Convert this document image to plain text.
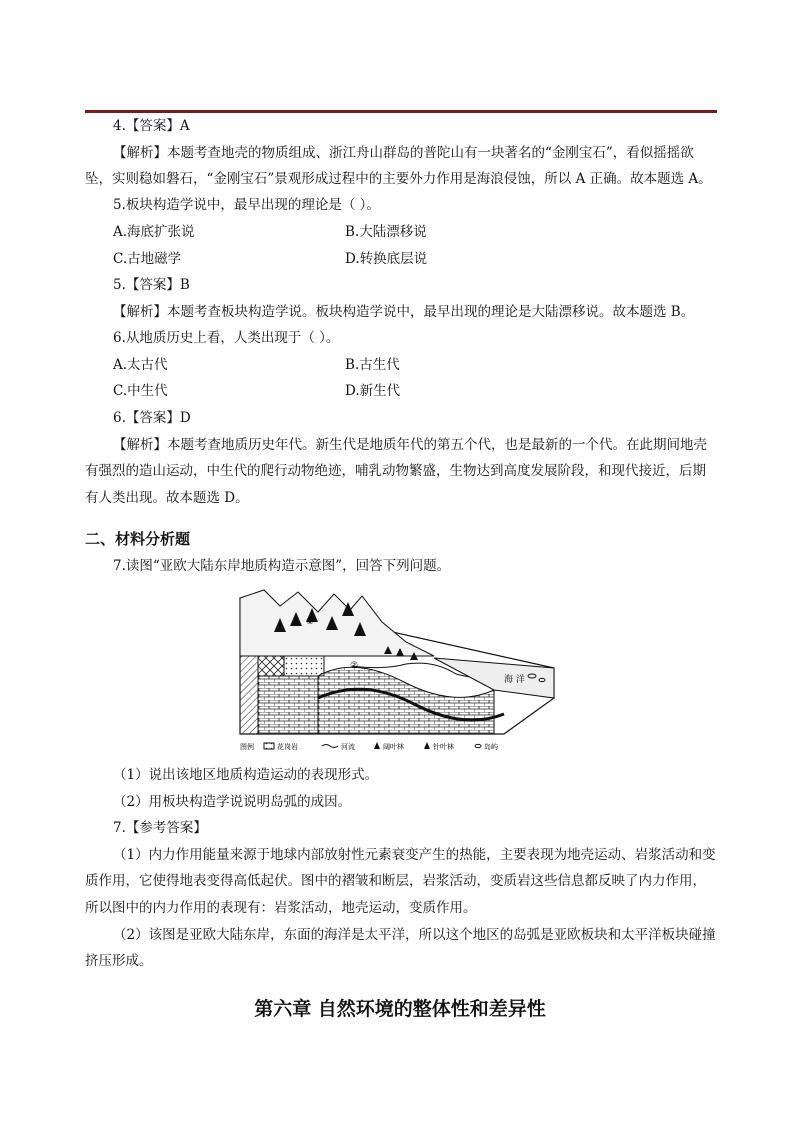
4.【答案】A
【解析】本题考查地壳的物质组成、浙江舟山群岛的普陀山有一块著名的“金刚宝石”，看似摇摇欲
坠，实则稳如磐石，“金刚宝石”景观形成过程中的主要外力作用是海浪侵蚀，所以 A 正确。故本题选 A。
5.板块构造学说中，最早出现的理论是（ ）。
A.海底扩张说	B.大陆漂移说
C.古地磁学	D.转换底层说
5.【答案】B
【解析】本题考查板块构造学说。板块构造学说中，最早出现的理论是大陆漂移说。故本题选 B。
6.从地质历史上看，人类出现于（ ）。
A.太古代	B.古生代
C.中生代	D.新生代
6.【答案】D
【解析】本题考查地质历史年代。新生代是地质年代的第五个代，也是最新的一个代。在此期间地壳
有强烈的造山运动，中生代的爬行动物绝迹，哺乳动物繁盛，生物达到高度发展阶段，和现代接近，后期
有人类出现。故本题选 D。
二、材料分析题
7.读图“亚欧大陆东岸地质构造示意图”，回答下列问题。
海 洋
①
②
图例	花岗岩	河流	阔叶林	针叶林	岛屿
（1）说出该地区地质构造运动的表现形式。
（2）用板块构造学说说明岛弧的成因。
7.【参考答案】
（1）内力作用能量来源于地球内部放射性元素衰变产生的热能，主要表现为地壳运动、岩浆活动和变
质作用，它使得地表变得高低起伏。图中的褶皱和断层，岩浆活动，变质岩这些信息都反映了内力作用，
所以图中的内力作用的表现有：岩浆活动，地壳运动，变质作用。
（2）该图是亚欧大陆东岸，东面的海洋是太平洋，所以这个地区的岛弧是亚欧板块和太平洋板块碰撞
挤压形成。
第六章 自然环境的整体性和差异性
